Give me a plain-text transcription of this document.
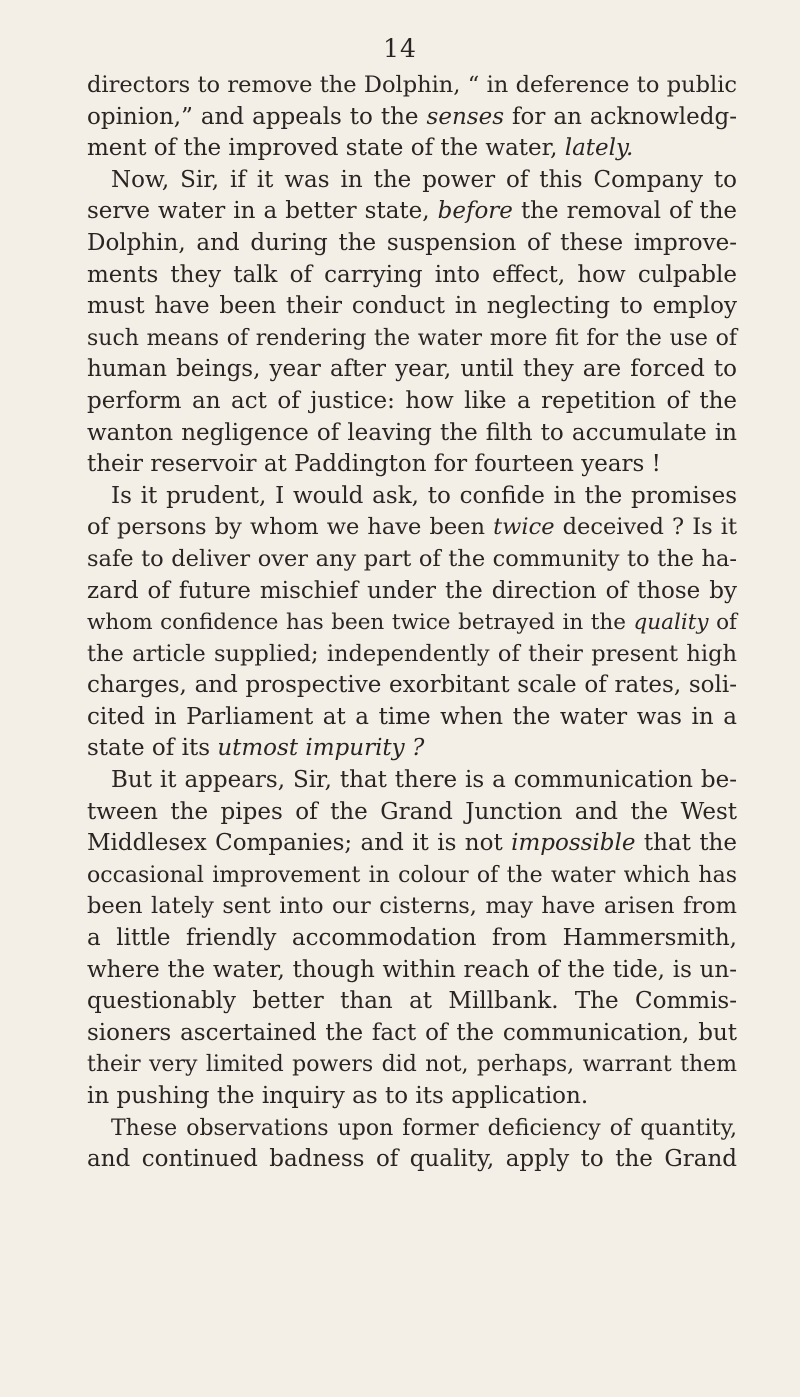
14
directors to remove the Dolphin, “ in deference to public
opinion,” and appeals to the senses for an acknowledg-
ment of the improved state of the water, lately.
Now, Sir, if it was in the power of this Company to
serve water in a better state, before the removal of the
Dolphin, and during the suspension of these improve-
ments they talk of carrying into effect, how culpable
must have been their conduct in neglecting to employ
such means of rendering the water more fit for the use of
human beings, year after year, until they are forced to
perform an act of justice: how like a repetition of the
wanton negligence of leaving the filth to accumulate in
their reservoir at Paddington for fourteen years !
Is it prudent, I would ask, to confide in the promises
of persons by whom we have been twice deceived ? Is it
safe to deliver over any part of the community to the ha-
zard of future mischief under the direction of those by
whom confidence has been twice betrayed in the quality of
the article supplied; independently of their present high
charges, and prospective exorbitant scale of rates, soli-
cited in Parliament at a time when the water was in a
state of its utmost impurity ?
But it appears, Sir, that there is a communication be-
tween the pipes of the Grand Junction and the West
Middlesex Companies; and it is not impossible that the
occasional improvement in colour of the water which has
been lately sent into our cisterns, may have arisen from
a little friendly accommodation from Hammersmith,
where the water, though within reach of the tide, is un-
questionably better than at Millbank. The Commis-
sioners ascertained the fact of the communication, but
their very limited powers did not, perhaps, warrant them
in pushing the inquiry as to its application.
These observations upon former deficiency of quantity,
and continued badness of quality, apply to the Grand
